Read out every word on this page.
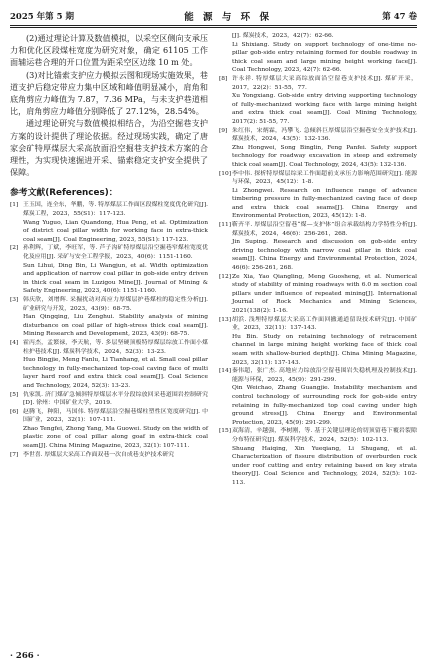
2025 年第 5 期	能 源 与 环 保	第 47 卷

(2)通过理论计算及数值模拟，以采空区侧向支承压力和优化区段煤柱宽度为研究对象，确定 61105 工作面辅运巷合理的开口位置为距采空区边缘 10 m 处。

(3)对比锚索支护应力模拟云图和现场实施效果，巷道支护后稳定带应力集中区域和峰值明显减小，肩角和底角剪应力峰值为 7.87，7.36 MPa，与未支护巷道相比，肩角剪应力峰值分别降低了 27.12%，28.54%。

通过理论研究与数值模拟相结合，为沿空掘巷支护方案的设计提供了理论依据。经过现场实践，确定了唐家会矿特厚煤层大采高放面沿空掘巷支护技术方案的合理性，为实现快速掘进开采、锚索稳定支护安全提供了保障。

参考文献(References)：
[1] 王玉国，连全东，华鹏，等. 特厚煤层工作面区段煤柱宽度优化研究[J]. 煤炭工程，2023，55(S1)：117-123.
Wang Yuguo, Lian Quandong, Hua Peng, et al. Optimization of district coal pillar width for working face in extra-thick coal seam[J]. Coal Engineering, 2023, 55(S1): 117-123.
[2] 孙利辉，丁斌，李旺军，等. 芦子沟矿特厚煤层沿空掘巷窄煤柱宽度优化及应用[J]. 采矿与安全工程学报，2023，40(6)：1151-1160.
Sun Lihui, Ding Bin, Li Wangjun, et al. Width optimization and application of narrow coal pillar in gob-side entry driven in thick coal seam in Luzigou Mine[J]. Journal of Mining & Safety Engineering, 2023, 40(6): 1151-1160.
[3] 韩庆欣，刘增辉. 采掘扰动对高应力厚煤层护巷煤柱的稳定性分析[J]. 矿业研究与开发，2023，43(9)：68-75.
Han Qingqing, Liu Zenghui. Stability analysis of mining disturbance on coal pillar of high-stress thick coal seam[J]. Mining Research and Development, 2023, 43(9): 68-75.
[4] 霍丙杰，孟繁禄，李天航，等. 多层坚硬顶板特厚煤层综放工作面小煤柱护巷技术[J]. 煤炭科学技术，2024，52(3)：13-23.
Huo Bingjie, Meng Fanlu, Li Tianhang, et al. Small coal pillar technology in fully-mechanized top-coal caving face of multi layer hard roof and extra thick coal seam[J]. Coal Science and Technology, 2024, 52(3): 13-23.
[5] 仇家凯. 济门煤矿急倾斜特厚煤层水平分段综放回采巷道围岩控制研究[D]. 徐州：中国矿业大学，2019.
[6] 赵腾飞，种阳，马国伟. 特厚煤层沿空掘巷煤柱塑性区宽度研究[J]. 中国矿业，2023，32(1)：107-111.
Zhao Tengfei, Zhong Yang, Ma Guowei. Study on the width of plastic zone of coal pillar along goaf in extra-thick coal seam[J]. China Mining Magazine, 2023, 32(1): 107-111.
[7] 李世喜. 厚煤层大采高工作面双巷一次自成巷支护技术研究
[J]. 煤炭技术，2023，42(7)：62-66.
Li Shixiang. Study on support technology of one-time no-pillar gob-side entry retaining formed for double roadway in thick coal seam and large mining height working face[J]. Coal Technology, 2023, 42(7): 62-66.
[8] 许永祥. 特厚煤层大采高综放面沿空留巷支护技术[J]. 煤矿开采，2017，22(2)：51-55，77.
Xu Yongxiang. Gob-side entry driving supporting technology of fully-mechanized working face with large mining height and extra thick coal seam[J]. Coal Mining Technology, 2017(2): 51-55, 77.
[9] 朱红伟，宋炳霖，冯攀飞. 急倾斜巨厚煤层沿空掘巷安全支护技术[J]. 煤炭技术，2024，43(5)：132-136.
Zhu Hongwei, Song Binglin, Feng Panfei. Safety support technology for roadway excavation in steep and extremely thick coal seam[J]. Coal Technology, 2024, 43(5): 132-136.
[10] 李中伟. 探析特厚煤层综采工作面超前支承压力影响范围研究[J]. 能源与环保，2023，45(12)：1-8.
Li Zhongwei. Research on influence range of advance timbering pressure in fully-mechanized caving face of deep and extra thick coal seams[J]. China Energy and Environmental Protection, 2023, 45(12): 1-8.
[11] 靳齐平. 厚煤层沿空留巷“煤—支护体”组合承载结构力学特性分析[J]. 煤炭技术，2024，46(6)：256-261，268.
Jin Suping. Research and discussion on gob-side entry driving technology with narrow coal pillar in thick coal seam[J]. China Energy and Environmental Protection, 2024, 46(6): 256-261, 268.
[12] Ze Xia, Yao Qiangling, Meng Guosheng, et al. Numerical study of stability of mining roadways with 6.0 m section coal pillars under influence of repeated mining[J]. International Journal of Rock Mechanics and Mining Sciences, 2021(138(2): 1-16.
[13] 胡浜. 浅埋特厚煤层大采高工作面回撤通道留设技术研究[J]. 中国矿业，2023，32(11)：137-143.
Hu Bin. Study on retaining technology of retracement channel in large mining height working face of thick coal seam with shallow-buried depth[J]. China Mining Magazine, 2023, 32(11): 137-143.
[14] 秦伟超，张广杰. 高地应力综放沿空留巷围岩失稳机理及控制技术[J]. 能源与环保，2023，45(9)：291-299.
Qin Weichao, Zhang Guangjie. Instability mechanism and control technology of surrounding rock for gob-side entry retaining in fully-mechanized top coal caving under high ground stress[J]. China Energy and Environmental Protection, 2023, 45(9): 291-299.
[15] 双海清，辛越强，李树刚，等. 基于关键层理论的切顶留巷下覆岩裂隙分布特征研究[J]. 煤炭科学技术，2024，52(5)：102-113.
Shuang Haiqing, Xin Yueqiang, Li Shugang, et al. Characterization of fissure distribution of overburden rock under roof cutting and entry retaining based on key strata theory[J]. Coal Science and Technology, 2024, 52(5): 102-113.
· 266 ·
